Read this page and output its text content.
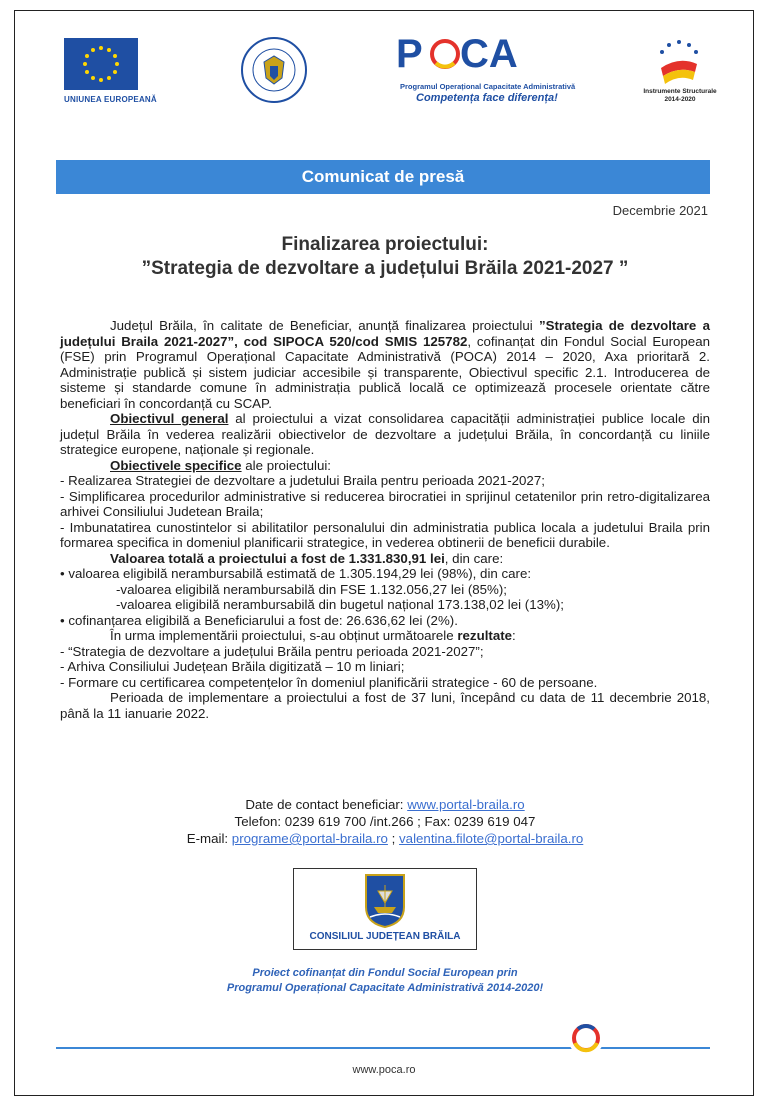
UNIUNEA EUROPEANĂ
P CA
Programul Operațional Capacitate Administrativă
Competența face diferența!
Instrumente Structurale 2014-2020
Comunicat de presă
Decembrie 2021
Finalizarea proiectului:
”Strategia de dezvoltare a județului Brăila 2021-2027 ”

Județul Brăila, în calitate de Beneficiar, anunță finalizarea proiectului ”Strategia de dezvoltare a județului Braila 2021-2027”, cod SIPOCA 520/cod SMIS 125782, cofinanțat din Fondul Social European (FSE) prin Programul Operațional Capacitate Administrativă (POCA) 2014 – 2020, Axa prioritară 2. Administrație publică și sistem judiciar accesibile și transparente, Obiectivul specific 2.1. Introducerea de sisteme și standarde comune în administrația publică locală ce optimizează procesele orientate către beneficiari în concordanță cu SCAP.

Obiectivul general al proiectului a vizat consolidarea capacității administrației publice locale din județul Brăila în vederea realizării obiectivelor de dezvoltare a județului Brăila, în concordanță cu liniile strategice europene, naționale și regionale.

Obiectivele specifice ale proiectului:

- Realizarea Strategiei de dezvoltare a judetului Braila pentru perioada 2021-2027;

- Simplificarea procedurilor administrative si reducerea birocratiei in sprijinul cetatenilor prin retro-digitalizarea arhivei Consiliului Judetean Braila;

- Imbunatatirea cunostintelor si abilitatilor personalului din administratia publica locala a judetului Braila prin formarea specifica in domeniul planificarii strategice, in vederea obtinerii de beneficii durabile.

Valoarea totală a proiectului a fost de 1.331.830,91 lei, din care:

• valoarea eligibilă nerambursabilă estimată de 1.305.194,29 lei (98%), din care:

-valoarea eligibilă nerambursabilă din FSE 1.132.056,27 lei (85%);

-valoarea eligibilă nerambursabilă din bugetul național 173.138,02 lei (13%);

• cofinanțarea eligibilă a Beneficiarului a fost de: 26.636,62 lei (2%).

În urma implementării proiectului, s-au obținut următoarele rezultate:

- “Strategia de dezvoltare a județului Brăila pentru perioada 2021-2027”;

- Arhiva Consiliului Județean Brăila digitizată – 10 m liniari;

- Formare cu certificarea competențelor în domeniul planificării strategice - 60 de persoane.

Perioada de implementare a proiectului a fost de 37 luni, începând cu data de 11 decembrie 2018, până la 11 ianuarie 2022.

Date de contact beneficiar: www.portal-braila.ro
Telefon: 0239 619 700 /int.266 ; Fax: 0239 619 047
E-mail: programe@portal-braila.ro ; valentina.filote@portal-braila.ro
CONSILIUL JUDEȚEAN BRĂILA
Proiect cofinanțat din Fondul Social European prin
Programul Operațional Capacitate Administrativă 2014-2020!
www.poca.ro
